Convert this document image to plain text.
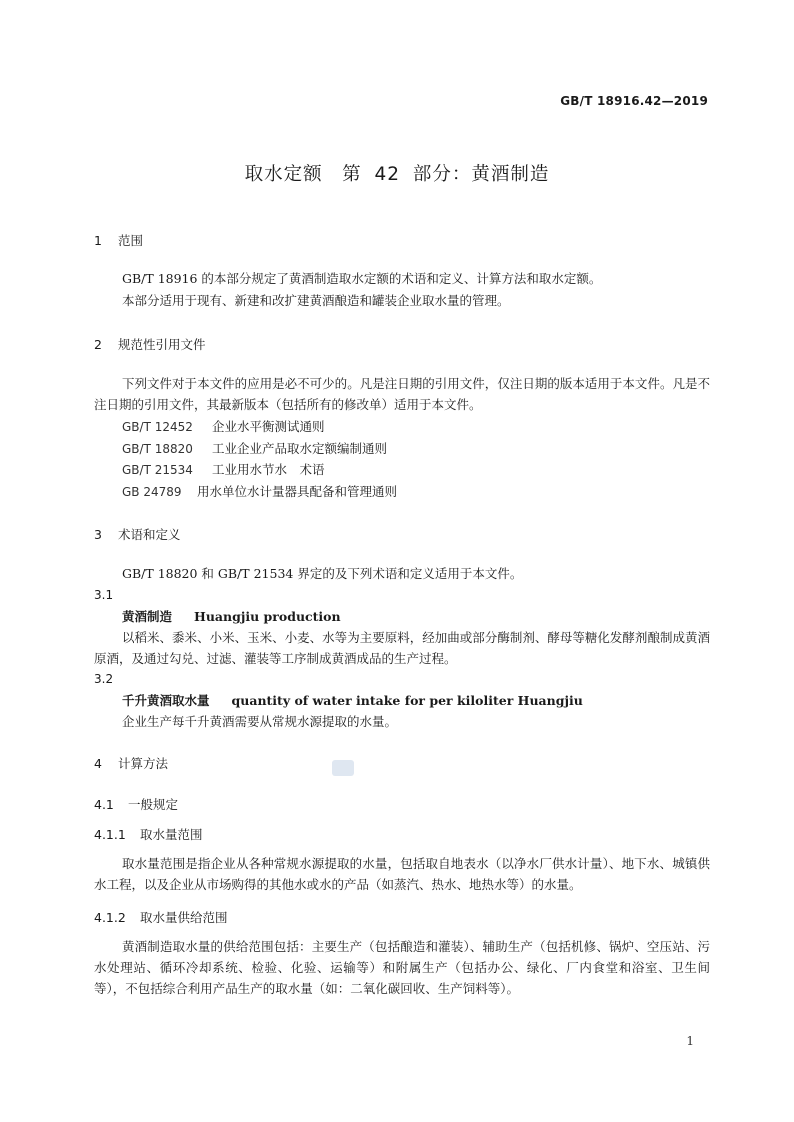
GB/T 18916.42—2019
取水定额　第 42 部分：黄酒制造
1 范围
GB/T 18916 的本部分规定了黄酒制造取水定额的术语和定义、计算方法和取水定额。
本部分适用于现有、新建和改扩建黄酒酿造和罐装企业取水量的管理。
2 规范性引用文件
下列文件对于本文件的应用是必不可少的。凡是注日期的引用文件，仅注日期的版本适用于本文件。凡是不注日期的引用文件，其最新版本（包括所有的修改单）适用于本文件。
GB/T 12452 企业水平衡测试通则
GB/T 18820 工业企业产品取水定额编制通则
GB/T 21534 工业用水节水　术语
GB 24789 用水单位水计量器具配备和管理通则
3 术语和定义
GB/T 18820 和 GB/T 21534 界定的及下列术语和定义适用于本文件。
3.1
黄酒制造 Huangjiu production
以稻米、黍米、小米、玉米、小麦、水等为主要原料，经加曲或部分酶制剂、酵母等糖化发酵剂酿制成黄酒原酒，及通过勾兑、过滤、灌装等工序制成黄酒成品的生产过程。
3.2
千升黄酒取水量 quantity of water intake for per kiloliter Huangjiu
企业生产每千升黄酒需要从常规水源提取的水量。
4 计算方法
4.1 一般规定
4.1.1 取水量范围
取水量范围是指企业从各种常规水源提取的水量，包括取自地表水（以净水厂供水计量）、地下水、城镇供水工程，以及企业从市场购得的其他水或水的产品（如蒸汽、热水、地热水等）的水量。
4.1.2 取水量供给范围
黄酒制造取水量的供给范围包括：主要生产（包括酿造和灌装）、辅助生产（包括机修、锅炉、空压站、污水处理站、循环冷却系统、检验、化验、运输等）和附属生产（包括办公、绿化、厂内食堂和浴室、卫生间等），不包括综合利用产品生产的取水量（如：二氧化碳回收、生产饲料等）。
1
